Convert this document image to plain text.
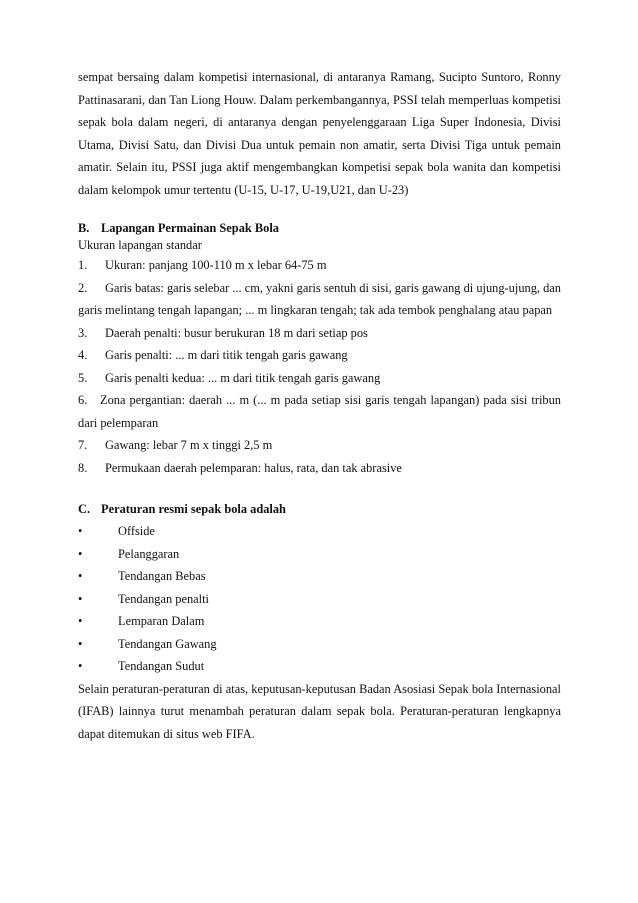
sempat bersaing dalam kompetisi internasional, di antaranya Ramang, Sucipto Suntoro, Ronny Pattinasarani, dan Tan Liong Houw. Dalam perkembangannya, PSSI telah memperluas kompetisi sepak bola dalam negeri, di antaranya dengan penyelenggaraan Liga Super Indonesia, Divisi Utama, Divisi Satu, dan Divisi Dua untuk pemain non amatir, serta Divisi Tiga untuk pemain amatir. Selain itu, PSSI juga aktif mengembangkan kompetisi sepak bola wanita dan kompetisi dalam kelompok umur tertentu (U-15, U-17, U-19,U21, dan U-23)

B. Lapangan Permainan Sepak Bola

Ukuran lapangan standar

1. Ukuran: panjang 100-110 m x lebar 64-75 m
2. Garis batas: garis selebar ... cm, yakni garis sentuh di sisi, garis gawang di ujung-ujung, dan garis melintang tengah lapangan; ... m lingkaran tengah; tak ada tembok penghalang atau papan
3. Daerah penalti: busur berukuran 18 m dari setiap pos
4. Garis penalti: ... m dari titik tengah garis gawang
5. Garis penalti kedua: ... m dari titik tengah garis gawang
6. Zona pergantian: daerah ... m (... m pada setiap sisi garis tengah lapangan) pada sisi tribun dari pelemparan
7. Gawang: lebar 7 m x tinggi 2,5 m
8. Permukaan daerah pelemparan: halus, rata, dan tak abrasive

C. Peraturan resmi sepak bola adalah

•	Offside
•	Pelanggaran
•	Tendangan Bebas
•	Tendangan penalti
•	Lemparan Dalam
•	Tendangan Gawang
•	Tendangan Sudut

Selain peraturan-peraturan di atas, keputusan-keputusan Badan Asosiasi Sepak bola Internasional (IFAB) lainnya turut menambah peraturan dalam sepak bola. Peraturan-peraturan lengkapnya dapat ditemukan di situs web FIFA.
